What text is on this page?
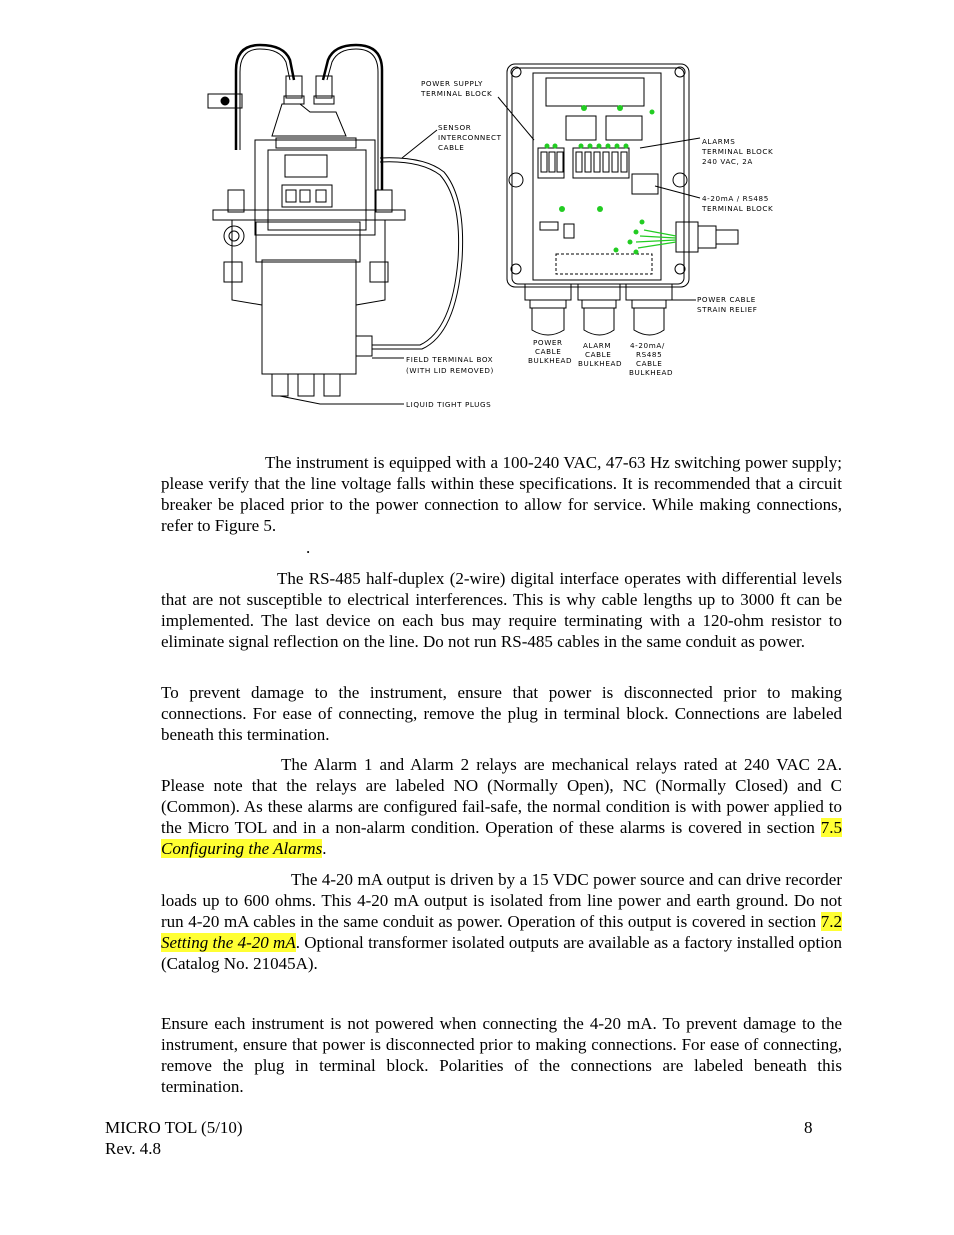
POWER SUPPLY
TERMINAL BLOCK
SENSOR
INTERCONNECT
CABLE
ALARMS
TERMINAL BLOCK
240 VAC, 2A
4-20mA / RS485
TERMINAL BLOCK
POWER CABLE
STRAIN RELIEF
POWER
CABLE
BULKHEAD
ALARM
CABLE
BULKHEAD
4-20mA/
RS485
CABLE
BULKHEAD
FIELD TERMINAL BOX
(WITH LID REMOVED)
LIQUID TIGHT PLUGS

The instrument is equipped with a 100-240 VAC, 47-63 Hz switching power supply; please verify that the line voltage falls within these specifications. It is recommended that a circuit breaker be placed prior to the power connection to allow for service. While making connections, refer to Figure 5.

.

The RS-485 half-duplex (2-wire) digital interface operates with differential levels that are not susceptible to electrical interferences. This is why cable lengths up to 3000 ft can be implemented. The last device on each bus may require terminating with a 120-ohm resistor to eliminate signal reflection on the line. Do not run RS-485 cables in the same conduit as power.

To prevent damage to the instrument, ensure that power is disconnected prior to making connections. For ease of connecting, remove the plug in terminal block. Connections are labeled beneath this termination.

The Alarm 1 and Alarm 2 relays are mechanical relays rated at 240 VAC 2A. Please note that the relays are labeled NO (Normally Open), NC (Normally Closed) and C (Common). As these alarms are configured fail-safe, the normal condition is with power applied to the Micro TOL and in a non-alarm condition. Operation of these alarms is covered in section 7.5 Configuring the Alarms.

The 4-20 mA output is driven by a 15 VDC power source and can drive recorder loads up to 600 ohms. This 4-20 mA output is isolated from line power and earth ground. Do not run 4-20 mA cables in the same conduit as power. Operation of this output is covered in section 7.2 Setting the 4-20 mA. Optional transformer isolated outputs are available as a factory installed option (Catalog No. 21045A).

Ensure each instrument is not powered when connecting the 4-20 mA. To prevent damage to the instrument, ensure that power is disconnected prior to making connections. For ease of connecting, remove the plug in terminal block. Polarities of the connections are labeled beneath this termination.

MICRO TOL (5/10)
Rev. 4.8
8
